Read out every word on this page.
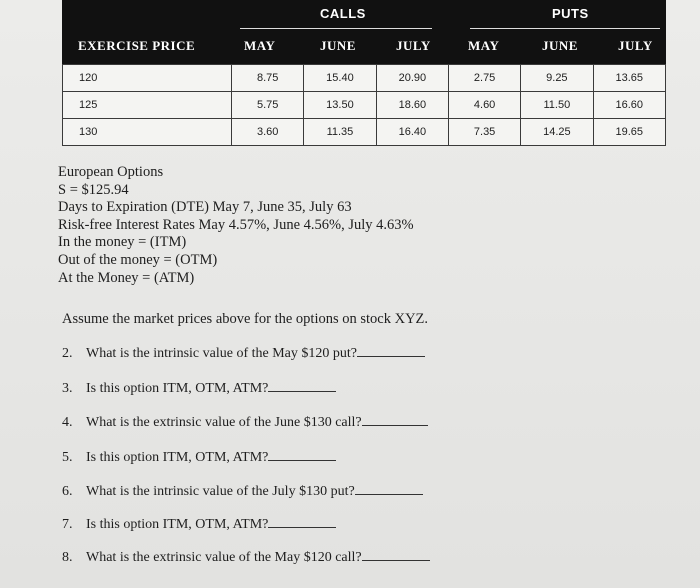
CALLS	PUTS
EXERCISE PRICE	MAY	JUNE	JULY	MAY	JUNE	JULY
120	8.75	15.40	20.90	2.75	9.25	13.65
125	5.75	13.50	18.60	4.60	11.50	16.60
130	3.60	11.35	16.40	7.35	14.25	19.65
European Options
S = $125.94
Days to Expiration (DTE) May 7, June 35, July 63
Risk-free Interest Rates May 4.57%, June 4.56%, July 4.63%
In the money = (ITM)
Out of the money = (OTM)
At the Money = (ATM)
Assume the market prices above for the options on stock XYZ.
2. What is the intrinsic value of the May $120 put?
3. Is this option ITM, OTM, ATM?
4. What is the extrinsic value of the June $130 call?
5. Is this option ITM, OTM, ATM?
6. What is the intrinsic value of the July $130 put?
7. Is this option ITM, OTM, ATM?
8. What is the extrinsic value of the May $120 call?
